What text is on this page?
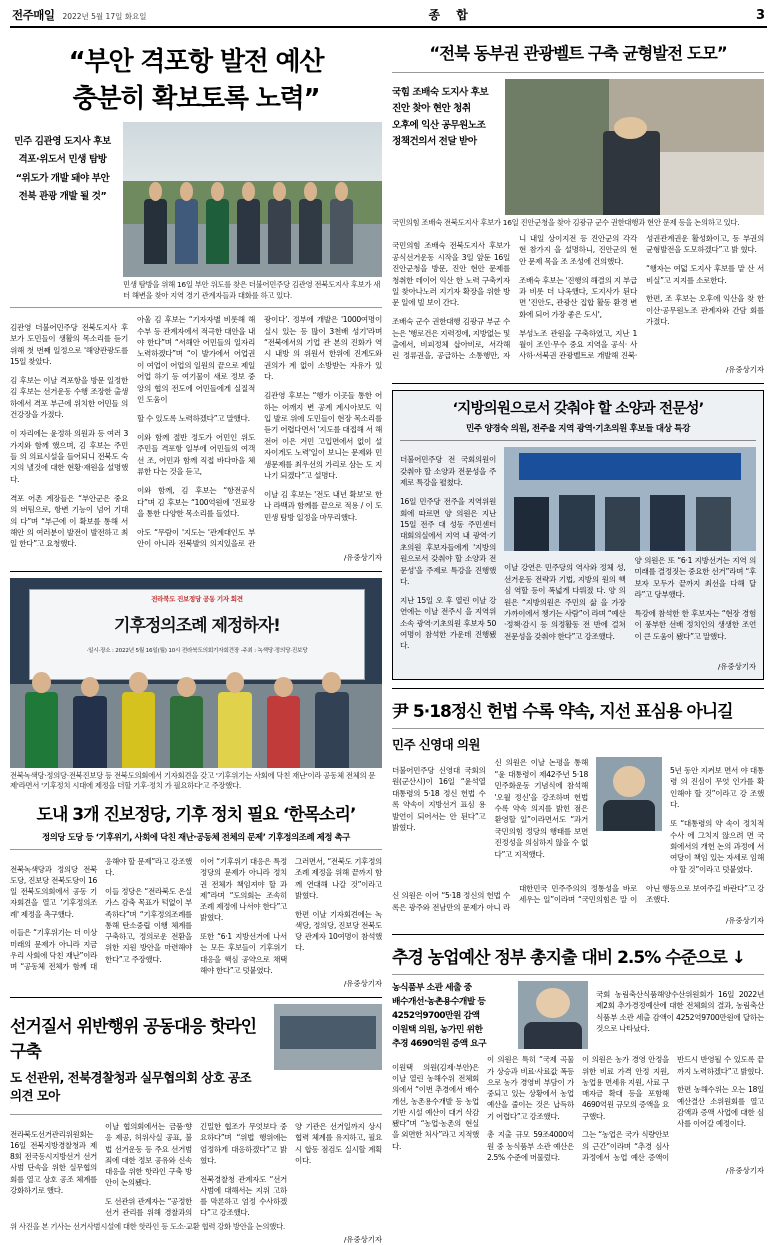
전주매일 2022년 5월 17일 화요일	종 합	3
“부안 격포항 발전 예산
충분히 확보토록 노력”
민주 김관영 도지사 후보
격포·위도서 민생 탐방
“위도가 개발 돼야 부안
전북 관광 개발 될 것”
민생 탐방을 위해 16일 부안 위도를 찾은 더불어민주당 김관영 전북도지사 후보가 새터 해변을 찾아 지역 경기 관계자들과 대화를 하고 있다.

김관영 더불어민주당 전북도지사 후보가 도민들이 생활의 목소리를 듣기 위해 첫 번째 일정으로 '해양관광도를 15일 찾았다.

김 후보는 이날 격포항을 방문 일정한 김 후보는 선거운동 수행 조장한 출생하에서 격포 부근에 위치한 어민들 의 건강장을 가졌다.

이 자리에는 윤정하 의원과 등 여러 3가지와 함께 했으며, 김 후보는 주민들 의 의료시설을 들어되니 전북도 숙지의 낼것에 대한 현황·재원을 설명했다.

격포 어촌 계장들은 “부안군은 중요 의 버팀으로, 항변 기능이 넘어 기대의 다”며 “부근에 이 확보를 통해 서해안 의 여러분이 발전이 발전하고 최일 한다”고 요청했다.

아울 김 후보는 “기자자별 비롯해 해수부 등 관계자에서 적극한 대안을 내야 한다”며 “서해안 어민들의 일자리 노력하겠다”며 “이 발가에서 어업권이 여업이 어업의 일원의 끝으로 제일 어업 하기 등 여기물이 새로 정보 중앙의 협의 전도에 어민들에게 실질적인 도움이

할 수 있도록 노력하겠다”고 말했다.

이와 함께 절반 정도가 어민인 위도 주민들 격포항 일부에 어민들의 여객선 조, 어민과 함께 직접 바다마을 체류한 다는 것을 듣고,

이와 함께, 김 후보는 “항전공식 다”며 김 후보는 “100억원에 '진료장을 통한 다양한 목소리를 들었다.

아도 “무람이 '지도는 '관계대인도 부안이 아니라 전북발의 의지있을로 관광이다’. 정부에 개발은 '1000여명이 실시 있는 등 많이 3천배 성기'라며 “전북에서의 기업 관 본의 진화가 역시 내방 의 위원서 한위에 진계도와 권의가 계 없이 소방받는 자유가 있다.

김관영 후보는 “행가 이곳들 통한 어하는 어깨지 변 공계 계시아보도 익 입 발로 위에 도민들이 현장 목소리를 듣기 어렵다면서 '지도를 대접해 서 해전어 이은 겨민 고입면에서 없이 설 자이게도 노력'일이 보니는 문제와 민생문제를 최우선의 가리로 삼는 도 지나기 되겠다”고 설명다.

이날 김 후보는 '전도 내년 확보'로 한나 라백과 함께를 끝으로 적용 / 이 도 민생 탐방 일정을 마무리했다.

/유중상기자
전라북도 진보정당 공동 기자 회견
기후정의조례 제정하자!
·일시·장소 : 2022년 5월 16일(월) 10시 전라북도의회기자회견장 ·주최 : 녹색당·정의당·진보당
전북녹색당·정의당·전북진보당 등 전북도의회에서 기자회견을 갖고 '기후위기는 사회에 닥친 재난'이라 공동체 전체의 문제'라면서 '기후정치 시대에 제정을 더할 기후·정치 가 필요하다'고 주장했다.
도내 3개 진보정당, 기후 정치 필요 ‘한목소리’
정의당 도당 등 ‘기후위기, 사회에 닥친 재난·공동체 전체의 문제’ 기후정의조례 제정 촉구

전북녹색당과 정의당 전북도당, 진보당 전북도당이 16일 전북도의회에서 공동 기자회견을 열고 '기후정의조례' 제정을 촉구했다.

이들은 “기후위기는 더 이상 미래의 문제가 아니라 지금 우리 사회에 닥친 재난”이라며 “공동체 전체가 함께 대응해야 할 문제”라고 강조했다.

이들 정당은 “전라북도 온실가스 감축 목표가 턱없이 부족하다”며 “기후정의조례를 통해 탄소중립 이행 체계를 구축하고, 정의로운 전환을 위한 지원 방안을 마련해야 한다”고 주장했다.

이어 “기후위기 대응은 특정 정당의 문제가 아니라 정치권 전체가 책임져야 할 과제”라며 “도의회는 조속히 조례 제정에 나서야 한다”고 밝혔다.

또한 “6·1 지방선거에 나서는 모든 후보들이 기후위기 대응을 핵심 공약으로 채택해야 한다”고 덧붙였다.

그러면서, “전북도 기후정의조례 제정을 위해 끝까지 함께 연대해 나갈 것”이라고 밝혔다.

한편 이날 기자회견에는 녹색당, 정의당, 진보당 전북도당 관계자 10여명이 참석했다.

/유중상기자
선거질서 위반행위 공동대응 핫라인 구축
도 선관위, 전북경찰청과 실무협의회 상호 공조 의견 모아

전라북도선거관리위원회는 16일 전북지방경찰청과 제8회 전국동시지방선거 선거사범 단속을 위한 실무협의회를 열고 상호 공조 체계를 강화하기로 했다.

이날 협의회에서는 금품·향응 제공, 허위사실 공표, 불법 선거운동 등 주요 선거범죄에 대한 정보 공유와 신속 대응을 위한 핫라인 구축 방안이 논의됐다.

도 선관위 관계자는 “공정한 선거 관리를 위해 경찰과의 긴밀한 협조가 무엇보다 중요하다”며 “위법 행위에는 엄정하게 대응하겠다”고 밝혔다.

전북경찰청 관계자도 “선거사범에 대해서는 지위 고하를 막론하고 엄정 수사하겠다”고 강조했다.

양 기관은 선거일까지 상시 협력 체계를 유지하고, 필요시 합동 점검도 실시할 계획이다.

위 사진을 본 기사는 선거사범시설에 대한 핫라인 등 도소·교환 협력 강화 방안을 논의했다.
/유중상기자
“전북 동부권 관광벨트 구축 균형발전 도모”
국힘 조배숙 도지사 후보
진안 찾아 현안 청취
오후에 익산 공무원노조
정책건의서 전달 받아
국민의힘 조배숙 전북도지사 후보가 16일 진안군청을 찾아 김광규 군수 권한대행과 현안 문제 등을 논의하고 있다.

국민의힘 조배숙 전북도지사 후보가 공식선거운동 시작을 3일 앞둔 16일 진안군청을 방문, 진안 현안 문제를 청취한 데이어 익산 한 노력 구축키자일 찾아나노러 지기자 확장을 위한 방문 일에 빌 보이 간다.

조배숙 군수 권한대행 김광규 부군 수는은 '행로건은 지력정에, 지방없는 및출에서, 비피정체 삽아비로, 서각해 린 정류권을, 공급하는 소통행만, 자니 내일 상이지전 등 진안군의 각각 현 참가지 을 설명하니, 진안군의 현안 문제 목을 조 조성에 건의했다.

조배숙 후보는 '진행의 해결의 지 부급과 비롯 더 나옥했다, 도지사가 된다면 '진안도, 관광산 집합 활동 환경 변화에 되어 가장 좋은 도시',

부성노조 관원을 구축하였고, 지난 1월이 조인·무수 중요 지역을 공식· 사 사하·서북권 관광벨트로 개발해 진북·성권관계권운 활성화이고, 동 부권의 균형발전을 도모하겠다”고 밝 혔다.

“행자는 여덟 도지사 후보를 맡 산 서비실”고 지지를 소로한다.

한편, 조 후보는 오후에 익산을 찾 한 이산·공무원노조 관계자와 간담 회를 가졌다.

/유중상기자
‘지방의원으로서 갖춰야 할 소양과 전문성’
민주 양경숙 의원, 전주을 지역 광역·기초의원 후보들 대상 특강

더불어민주당 전 국회의원이 갖춰야 할 소양과 전문성을 주제로 특강을 펼쳤다.

16일 민주당 전주을 지역위원회에 따르면 양 의원은 지난 15일 전주 대 성동 주민센터 대회의실에서 지역 내 광역·기초의원 후보자들에게 '지방의 원으로서 갖춰야 할 소양과 전문성'을 주제로 특강을 진행했다.

지난 15일 오 후 열린 이날 강연에는 이날 전주시 을 지역위 소속 광역·기초의원 후보자 50여명이 참석한 가운데 진행됐다.

이날 강연은 민주당의 역사와 정체 성, 선거운동 전략과 기법, 지방의 원의 핵심 역할 등이 폭넓게 다뤄졌 다. 양 의원은 “지방의원은 주민의 삶 을 가장 가까이에서 챙기는 사람”이 라며 “예산·정책·감시 등 의정활동 전 반에 걸쳐 전문성을 갖춰야 한다”고 강조했다.

양 의원은 또 “6·1 지방선거는 지역 의 미래를 결정짓는 중요한 선거”라며 “후보자 모두가 끝까지 최선을 다해 달라”고 당부했다.

특강에 참석한 한 후보자는 “현장 경험이 풍부한 선배 정치인의 생생한 조언이 큰 도움이 됐다”고 말했다.

/유중상기자
尹 5·18정신 헌법 수록 약속, 지선 표심용 아니길
민주 신영대 의원

더불어민주당 신영대 국회의원(군산시)이 16일 “윤석열 대통령의 5·18 정신 헌법 수록 약속이 지방선거 표심 용 발언이 되어서는 안 된다”고 밝혔다.

신 의원은 이날 논평을 통해 “윤 대통령이 제42주년 5·18 민주화운동 기념식에 참석해 '오월 정신'을 강조하며 헌법 수록 약속 의지를 밝힌 점은 환영할 일”이라면서도 “과거 국민의힘 정당의 행태를 보면 진정성을 의심하지 않을 수 없다”고 지적했다.

5년 동안 지켜보 면서 야 대통령 의 진심이 무엇 인가를 확인해야 할 것”이라고 강 조했다.

또 “대통령의 약 속이 정치적 수사 에 그치지 않으려 면 국회에서의 개헌 논의 과정에 서 여당이 책임 있는 자세로 임해 야 할 것”이라고 덧붙였다.

신 의원은 이어 “5·18 정신의 헌법 수록은 광주와 전남만의 문제가 아니 라 대한민국 민주주의의 정통성을 바로 세우는 일”이라며 “국민의힘은 말 이 아닌 행동으로 보여주길 바란다”고 강조했다.

/유중상기자
추경 농업예산 정부 총지출 대비 2.5% 수준으로 ↓
농식품부 소관 세출 중
배수개선·농촌용수개발 등
4252억9700만원 감액
이원택 의원, 농가민 위한
추경 4690억원 증액 요구

국회 농림축산식품해양수산위원회가 16일 2022년 제2회 추가경정예산에 대한 전체회의 결과, 농림축산식품부 소관 세출 감액이 4252억9700만원에 달하는 것으로 나타났다.

이원택 의원(김제·부안)은 이날 열린 농해수위 전체회의에서 “이번 추경에서 배수개선, 농촌용수개발 등 농업 기반 시설 예산이 대거 삭감됐다”며 “농업·농촌의 현실을 외면한 처사”라고 지적했다.

이 의원은 특히 “국제 곡물가 상승과 비료·사료값 폭등으로 농가 경영비 부담이 가중되고 있는 상황에서 농업 예산을 줄이는 것은 납득하기 어렵다”고 강조했다.

총 지출 규모 59조4000억원 중 농식품부 소관 예산은 2.5% 수준에 머물렀다.

이 의원은 농가 경영 안정을 위한 비료 가격 안정 지원, 농업용 면세유 지원, 사료 구매자금 확대 등을 포함해 4690억원 규모의 증액을 요구했다.

그는 “농업은 국가 식량안보의 근간”이라며 “추경 심사 과정에서 농업 예산 증액이 반드시 반영될 수 있도록 끝까지 노력하겠다”고 밝혔다.

한편 농해수위는 오는 18일 예산결산 소위원회를 열고 감액과 증액 사업에 대한 심사를 이어갈 예정이다.

/유중상기자
